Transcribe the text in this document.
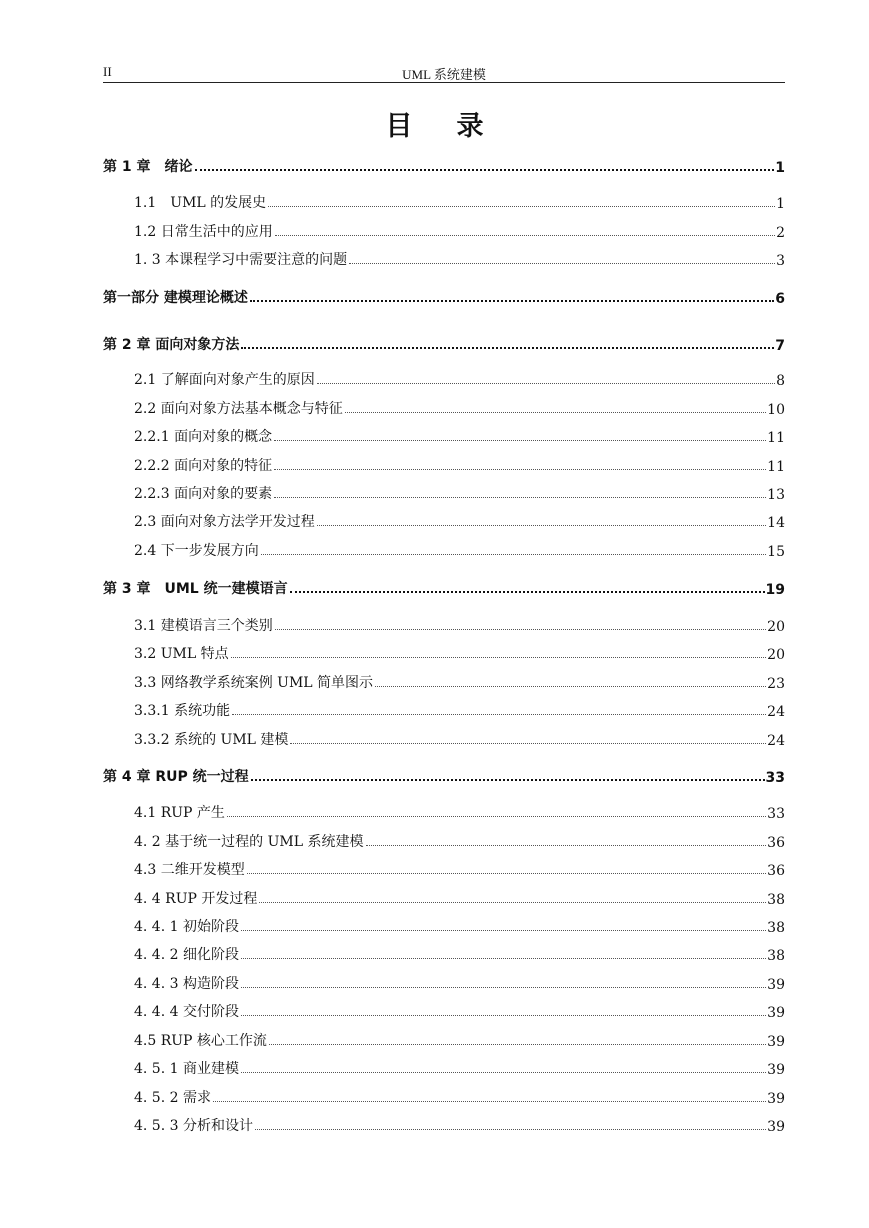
II	UML 系统建模
目录
第 1 章　绪论	1
1.1　UML 的发展史	1
1.2 日常生活中的应用	2
1. 3 本课程学习中需要注意的问题	3
第一部分 建模理论概述	6
第 2 章 面向对象方法	7
2.1 了解面向对象产生的原因	8
2.2 面向对象方法基本概念与特征	10
2.2.1 面向对象的概念	11
2.2.2 面向对象的特征	11
2.2.3 面向对象的要素	13
2.3 面向对象方法学开发过程	14
2.4 下一步发展方向	15
第 3 章　UML 统一建模语言	19
3.1 建模语言三个类别	20
3.2 UML 特点	20
3.3 网络教学系统案例 UML 简单图示	23
3.3.1 系统功能	24
3.3.2 系统的 UML 建模	24
第 4 章 RUP 统一过程	33
4.1 RUP 产生	33
4. 2 基于统一过程的 UML 系统建模	36
4.3 二维开发模型	36
4. 4 RUP 开发过程	38
4. 4. 1 初始阶段	38
4. 4. 2 细化阶段	38
4. 4. 3 构造阶段	39
4. 4. 4 交付阶段	39
4.5 RUP 核心工作流	39
4. 5. 1 商业建模	39
4. 5. 2 需求	39
4. 5. 3 分析和设计	39
